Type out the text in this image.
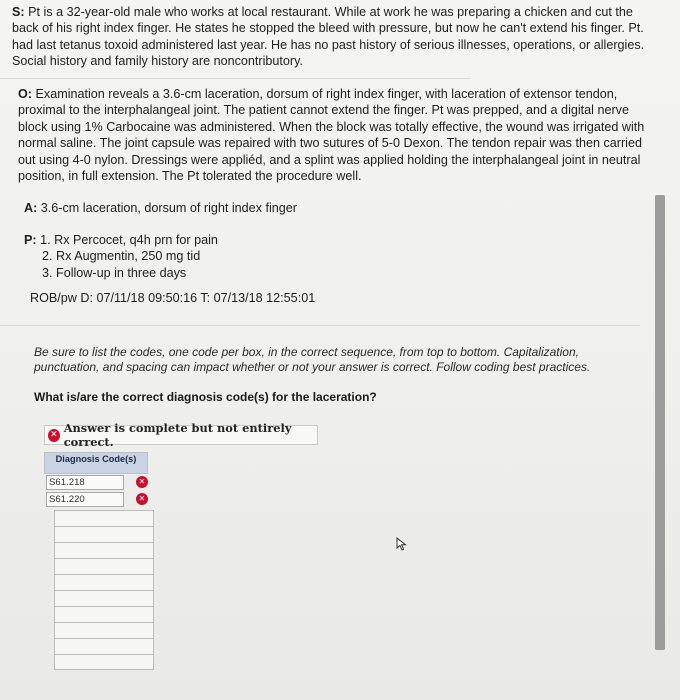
S: Pt is a 32-year-old male who works at local restaurant. While at work he was preparing a chicken and cut the back of his right index finger. He states he stopped the bleed with pressure, but now he can't extend his finger. Pt. had last tetanus toxoid administered last year. He has no past history of serious illnesses, operations, or allergies. Social history and family history are noncontributory.
O: Examination reveals a 3.6-cm laceration, dorsum of right index finger, with laceration of extensor tendon, proximal to the interphalangeal joint. The patient cannot extend the finger. Pt was prepped, and a digital nerve block using 1% Carbocaine was administered. When the block was totally effective, the wound was irrigated with normal saline. The joint capsule was repaired with two sutures of 5-0 Dexon. The tendon repair was then carried out using 4-0 nylon. Dressings were appliéd, and a splint was applied holding the interphalangeal joint in neutral position, in full extension. The Pt tolerated the procedure well.
A: 3.6-cm laceration, dorsum of right index finger
P: 1. Rx Percocet, q4h prn for pain
2. Rx Augmentin, 250 mg tid
3. Follow-up in three days
ROB/pw D: 07/11/18 09:50:16 T: 07/13/18 12:55:01
Be sure to list the codes, one code per box, in the correct sequence, from top to bottom. Capitalization, punctuation, and spacing can impact whether or not your answer is correct. Follow coding best practices.
What is/are the correct diagnosis code(s) for the laceration?
✕ Answer is complete but not entirely correct.
Diagnosis Code(s)
S61.218	✕
S61.220	✕
